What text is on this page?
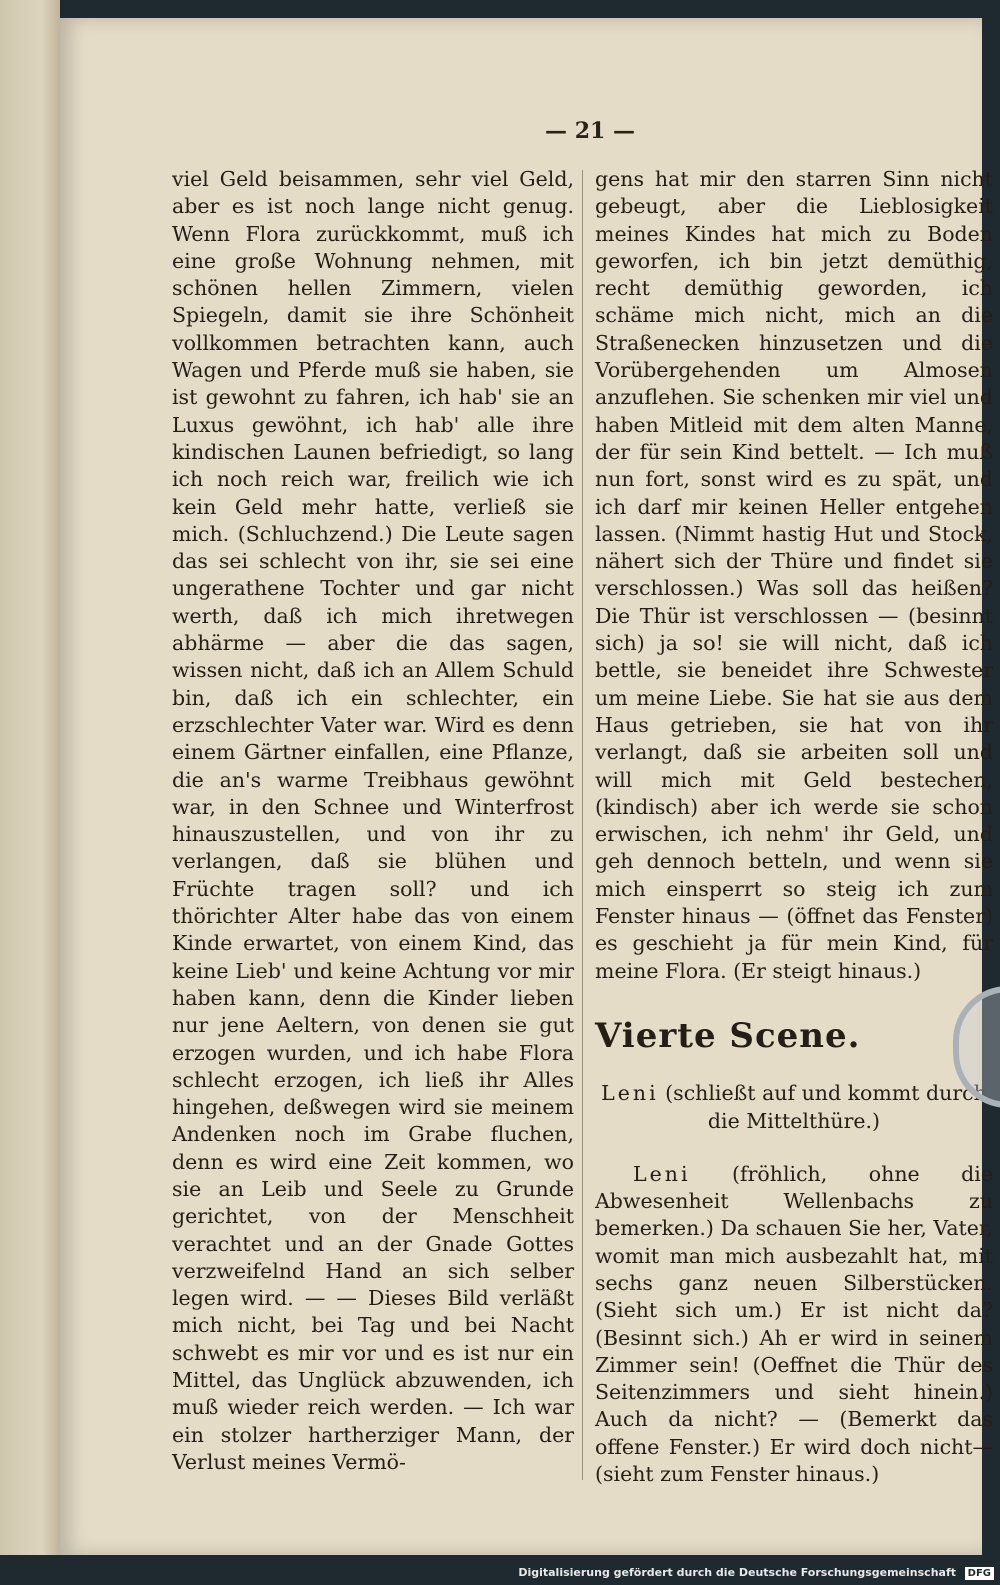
— 21 —

viel Geld beisammen, sehr viel Geld, aber es ist noch lange nicht genug. Wenn Flora zurückkommt, muß ich eine große Wohnung nehmen, mit schönen hellen Zimmern, vielen Spiegeln, damit sie ihre Schönheit vollkommen betrachten kann, auch Wagen und Pferde muß sie haben, sie ist gewohnt zu fahren, ich hab' sie an Luxus gewöhnt, ich hab' alle ihre kindischen Launen befriedigt, so lang ich noch reich war, freilich wie ich kein Geld mehr hatte, verließ sie mich. (Schluchzend.) Die Leute sagen das sei schlecht von ihr, sie sei eine ungerathene Tochter und gar nicht werth, daß ich mich ihretwegen abhärme — aber die das sagen, wissen nicht, daß ich an Allem Schuld bin, daß ich ein schlechter, ein erzschlechter Vater war. Wird es denn einem Gärtner einfallen, eine Pflanze, die an's warme Treibhaus gewöhnt war, in den Schnee und Winterfrost hinauszustellen, und von ihr zu verlangen, daß sie blühen und Früchte tragen soll? und ich thörichter Alter habe das von einem Kinde erwartet, von einem Kind, das keine Lieb' und keine Achtung vor mir haben kann, denn die Kinder lieben nur jene Aeltern, von denen sie gut erzogen wurden, und ich habe Flora schlecht erzogen, ich ließ ihr Alles hingehen, deßwegen wird sie meinem Andenken noch im Grabe fluchen, denn es wird eine Zeit kommen, wo sie an Leib und Seele zu Grunde gerichtet, von der Menschheit verachtet und an der Gnade Gottes verzweifelnd Hand an sich selber legen wird. — — Dieses Bild verläßt mich nicht, bei Tag und bei Nacht schwebt es mir vor und es ist nur ein Mittel, das Unglück abzuwenden, ich muß wieder reich werden. — Ich war ein stolzer hartherziger Mann, der Verlust meines Vermö-

gens hat mir den starren Sinn nicht gebeugt, aber die Lieblosigkeit meines Kindes hat mich zu Boden geworfen, ich bin jetzt demüthig, recht demüthig geworden, ich schäme mich nicht, mich an die Straßenecken hinzusetzen und die Vorübergehenden um Almosen anzuflehen. Sie schenken mir viel und haben Mitleid mit dem alten Manne, der für sein Kind bettelt. — Ich muß nun fort, sonst wird es zu spät, und ich darf mir keinen Heller entgehen lassen. (Nimmt hastig Hut und Stock, nähert sich der Thüre und findet sie verschlossen.) Was soll das heißen? Die Thür ist verschlossen — (besinnt sich) ja so! sie will nicht, daß ich bettle, sie beneidet ihre Schwester um meine Liebe. Sie hat sie aus dem Haus getrieben, sie hat von ihr verlangt, daß sie arbeiten soll und will mich mit Geld bestechen, (kindisch) aber ich werde sie schon erwischen, ich nehm' ihr Geld, und geh dennoch betteln, und wenn sie mich einsperrt so steig ich zum Fenster hinaus — (öffnet das Fenster) es geschieht ja für mein Kind, für meine Flora. (Er steigt hinaus.)

Vierte Scene.

Leni (schließt auf und kommt durch die Mittelthüre.)

Leni (fröhlich, ohne die Abwesenheit Wellenbachs zu bemerken.) Da schauen Sie her, Vater, womit man mich ausbezahlt hat, mit sechs ganz neuen Silberstücken. (Sieht sich um.) Er ist nicht da? (Besinnt sich.) Ah er wird in seinem Zimmer sein! (Oeffnet die Thür des Seitenzimmers und sieht hinein.) Auch da nicht? — (Bemerkt das offene Fenster.) Er wird doch nicht—(sieht zum Fenster hinaus.)

Digitalisierung gefördert durch die Deutsche Forschungsgemeinschaft	DFG
